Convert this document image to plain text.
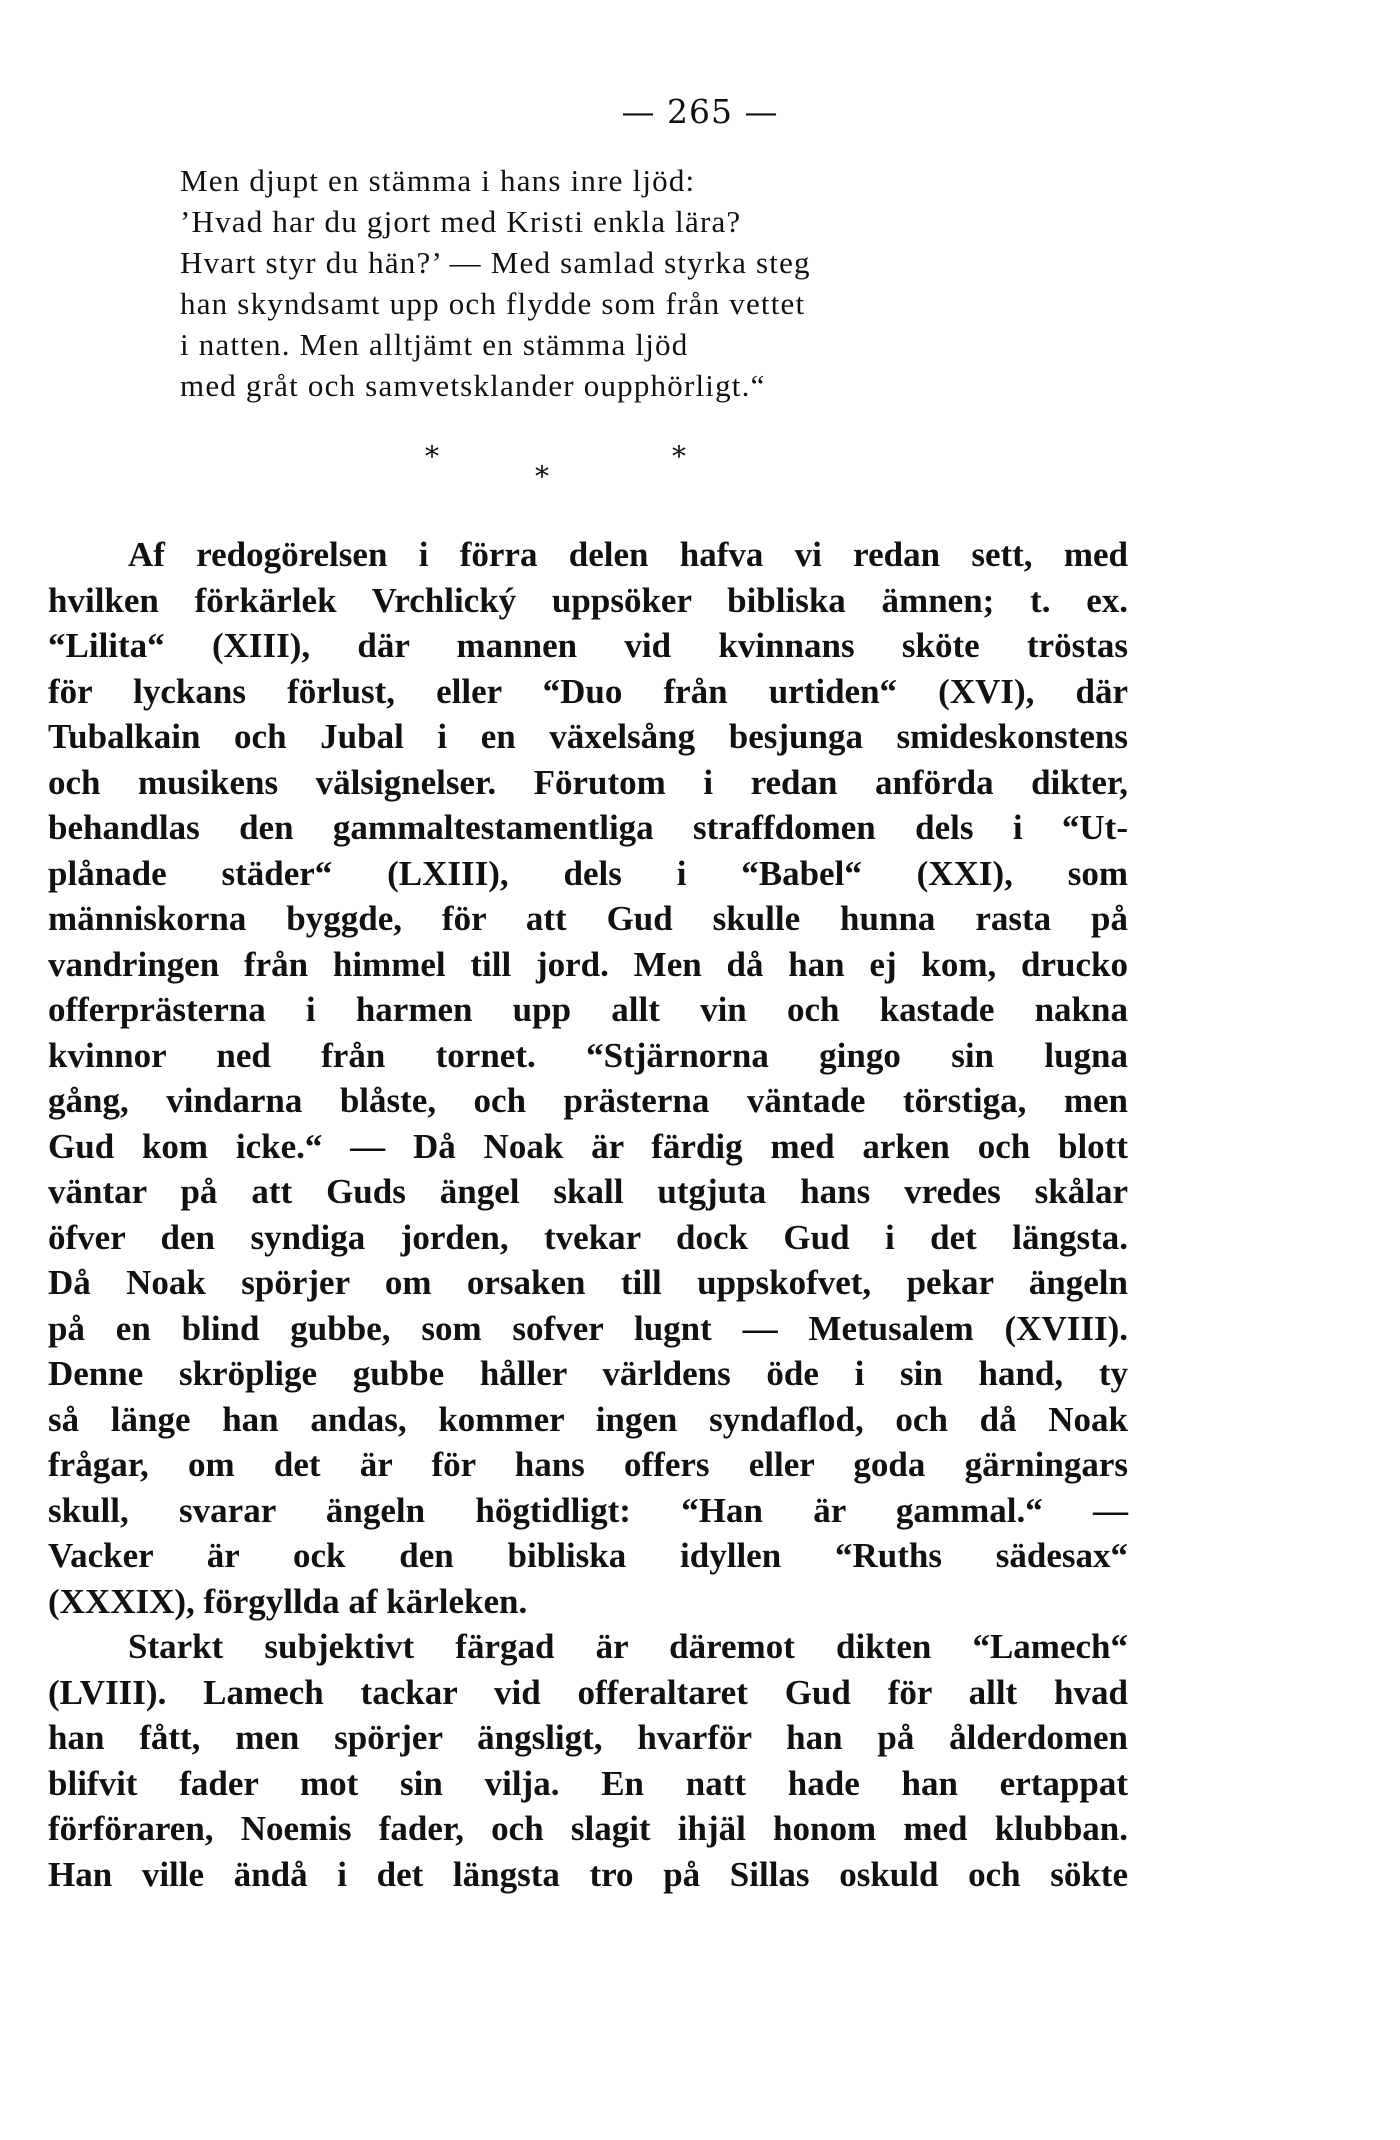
— 265 —
Men djupt en stämma i hans inre ljöd:
’Hvad har du gjort med Kristi enkla lära?
Hvart styr du hän?’ — Med samlad styrka steg
han skyndsamt upp och flydde som från vettet
i natten. Men alltjämt en stämma ljöd
med gråt och samvetsklander oupphörligt.“
*
*
*
Af redogörelsen i förra delen hafva vi redan sett, med
hvilken förkärlek Vrchlický uppsöker bibliska ämnen; t. ex.
“Lilita“ (XIII), där mannen vid kvinnans sköte tröstas
för lyckans förlust, eller “Duo från urtiden“ (XVI), där
Tubalkain och Jubal i en växelsång besjunga smideskonstens
och musikens välsignelser. Förutom i redan anförda dikter,
behandlas den gammaltestamentliga straffdomen dels i “Ut-
plånade städer“ (LXIII), dels i “Babel“ (XXI), som
människorna byggde, för att Gud skulle hunna rasta på
vandringen från himmel till jord. Men då han ej kom, drucko
offerprästerna i harmen upp allt vin och kastade nakna
kvinnor ned från tornet. “Stjärnorna gingo sin lugna
gång, vindarna blåste, och prästerna väntade törstiga, men
Gud kom icke.“ — Då Noak är färdig med arken och blott
väntar på att Guds ängel skall utgjuta hans vredes skålar
öfver den syndiga jorden, tvekar dock Gud i det längsta.
Då Noak spörjer om orsaken till uppskofvet, pekar ängeln
på en blind gubbe, som sofver lugnt — Metusalem (XVIII).
Denne skröplige gubbe håller världens öde i sin hand, ty
så länge han andas, kommer ingen syndaflod, och då Noak
frågar, om det är för hans offers eller goda gärningars
skull, svarar ängeln högtidligt: “Han är gammal.“ —
Vacker är ock den bibliska idyllen “Ruths sädesax“
(XXXIX), förgyllda af kärleken.
Starkt subjektivt färgad är däremot dikten “Lamech“
(LVIII). Lamech tackar vid offeraltaret Gud för allt hvad
han fått, men spörjer ängsligt, hvarför han på ålderdomen
blifvit fader mot sin vilja. En natt hade han ertappat
förföraren, Noemis fader, och slagit ihjäl honom med klubban.
Han ville ändå i det längsta tro på Sillas oskuld och sökte
